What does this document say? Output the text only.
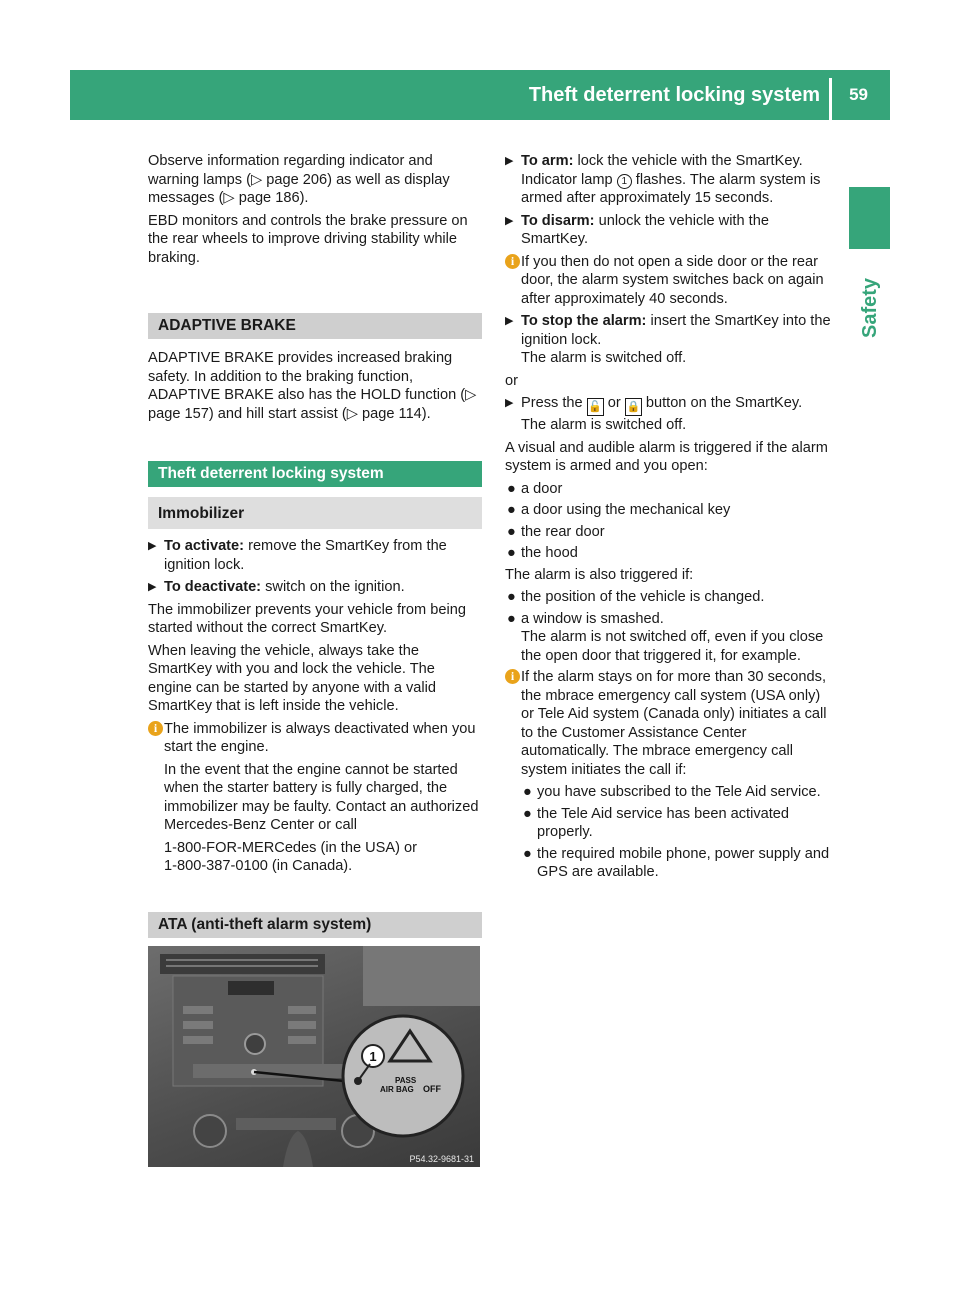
Theft deterrent locking system 59
Safety

Observe information regarding indicator and warning lamps (▷ page 206) as well as display messages (▷ page 186).

EBD monitors and controls the brake pressure on the rear wheels to improve driving stability while braking.

ADAPTIVE BRAKE

ADAPTIVE BRAKE provides increased braking safety. In addition to the braking function, ADAPTIVE BRAKE also has the HOLD function (▷ page 157) and hill start assist (▷ page 114).

Theft deterrent locking system
Immobilizer
▶ To activate: remove the SmartKey from the ignition lock.
▶ To deactivate: switch on the ignition.

The immobilizer prevents your vehicle from being started without the correct SmartKey.

When leaving the vehicle, always take the SmartKey with you and lock the vehicle. The engine can be started by anyone with a valid SmartKey that is left inside the vehicle.

i The immobilizer is always deactivated when you start the engine.

In the event that the engine cannot be started when the starter battery is fully charged, the immobilizer may be faulty. Contact an authorized Mercedes-Benz Center or call

1-800-FOR-MERCedes (in the USA) or
1-800-387-0100 (in Canada).
ATA (anti-theft alarm system)
1
PASS
AIR BAG OFF
P54.32-9681-31
▶ To arm: lock the vehicle with the SmartKey. Indicator lamp 1 flashes. The alarm system is armed after approximately 15 seconds.
▶ To disarm: unlock the vehicle with the SmartKey.
i If you then do not open a side door or the rear door, the alarm system switches back on again after approximately 40 seconds.

▶ To stop the alarm: insert the SmartKey into the ignition lock.
The alarm is switched off.

or

▶ Press the 🔓 or 🔒 button on the SmartKey.
The alarm is switched off.

A visual and audible alarm is triggered if the alarm system is armed and you open:

● a door
● a door using the mechanical key
● the rear door
● the hood

The alarm is also triggered if:

● the position of the vehicle is changed.
● a window is smashed.
The alarm is not switched off, even if you close the open door that triggered it, for example.
i If the alarm stays on for more than 30 seconds, the mbrace emergency call system (USA only) or Tele Aid system (Canada only) initiates a call to the Customer Assistance Center automatically. The mbrace emergency call system initiates the call if:

● you have subscribed to the Tele Aid service.
● the Tele Aid service has been activated properly.
● the required mobile phone, power supply and GPS are available.
